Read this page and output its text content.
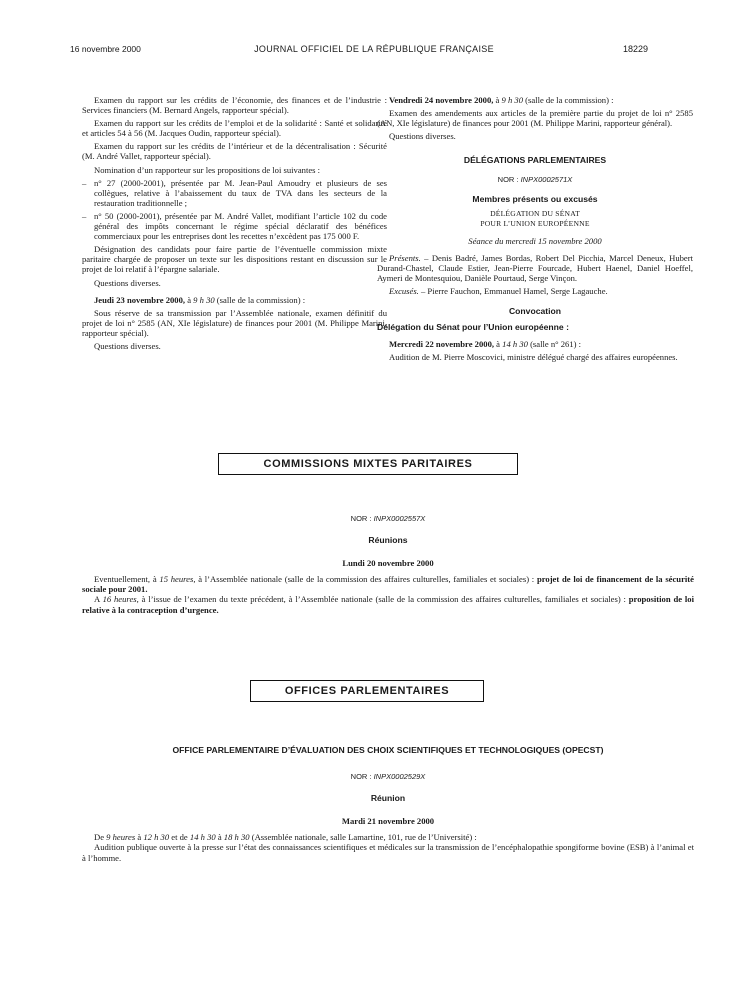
16 novembre 2000	JOURNAL OFFICIEL DE LA RÉPUBLIQUE FRANÇAISE	18229

Examen du rapport sur les crédits de l’économie, des finances et de l’industrie : Services financiers (M. Bernard Angels, rapporteur spécial).

Examen du rapport sur les crédits de l’emploi et de la solidarité : Santé et solidarité et articles 54 à 56 (M. Jacques Oudin, rapporteur spécial).

Examen du rapport sur les crédits de l’intérieur et de la décentralisation : Sécurité (M. André Vallet, rapporteur spécial).

Nomination d’un rapporteur sur les propositions de loi suivantes :

– n° 27 (2000-2001), présentée par M. Jean-Paul Amoudry et plusieurs de ses collègues, relative à l’abaissement du taux de TVA dans les secteurs de la restauration traditionnelle ;

– n° 50 (2000-2001), présentée par M. André Vallet, modifiant l’article 102 du code général des impôts concernant le régime spécial déclaratif des bénéfices commerciaux pour les entreprises dont les recettes n’excèdent pas 175 000 F.

Désignation des candidats pour faire partie de l’éventuelle commission mixte paritaire chargée de proposer un texte sur les dispositions restant en discussion sur le projet de loi relatif à l’épargne salariale.

Questions diverses.

Jeudi 23 novembre 2000, à 9 h 30 (salle de la commission) :

Sous réserve de sa transmission par l’Assemblée nationale, examen définitif du projet de loi n° 2585 (AN, XIe législature) de finances pour 2001 (M. Philippe Marini, rapporteur spécial).

Questions diverses.

Vendredi 24 novembre 2000, à 9 h 30 (salle de la commission) :

Examen des amendements aux articles de la première partie du projet de loi n° 2585 (AN, XIe législature) de finances pour 2001 (M. Philippe Marini, rapporteur général).

Questions diverses.

DÉLÉGATIONS PARLEMENTAIRES

NOR : INPX0002571X

Membres présents ou excusés

DÉLÉGATION DU SÉNAT

POUR L’UNION EUROPÉENNE

Séance du mercredi 15 novembre 2000

Présents. – Denis Badré, James Bordas, Robert Del Picchia, Marcel Deneux, Hubert Durand-Chastel, Claude Estier, Jean-Pierre Fourcade, Hubert Haenel, Daniel Hoeffel, Aymeri de Montesquiou, Danièle Pourtaud, Serge Vinçon.

Excusés. – Pierre Fauchon, Emmanuel Hamel, Serge Lagauche.

Convocation

Délégation du Sénat pour l’Union européenne :

Mercredi 22 novembre 2000, à 14 h 30 (salle n° 261) :

Audition de M. Pierre Moscovici, ministre délégué chargé des affaires européennes.

COMMISSIONS MIXTES PARITAIRES

NOR : INPX0002557X

Réunions

Lundi 20 novembre 2000

Eventuellement, à 15 heures, à l’Assemblée nationale (salle de la commission des affaires culturelles, familiales et sociales) : projet de loi de financement de la sécurité sociale pour 2001.

A 16 heures, à l’issue de l’examen du texte précédent, à l’Assemblée nationale (salle de la commission des affaires culturelles, familiales et sociales) : proposition de loi relative à la contraception d’urgence.

OFFICES PARLEMENTAIRES

OFFICE PARLEMENTAIRE D’ÉVALUATION DES CHOIX SCIENTIFIQUES ET TECHNOLOGIQUES (OPECST)

NOR : INPX0002529X

Réunion

Mardi 21 novembre 2000

De 9 heures à 12 h 30 et de 14 h 30 à 18 h 30 (Assemblée nationale, salle Lamartine, 101, rue de l’Université) :

Audition publique ouverte à la presse sur l’état des connaissances scientifiques et médicales sur la transmission de l’encéphalopathie spongiforme bovine (ESB) à l’animal et à l’homme.
